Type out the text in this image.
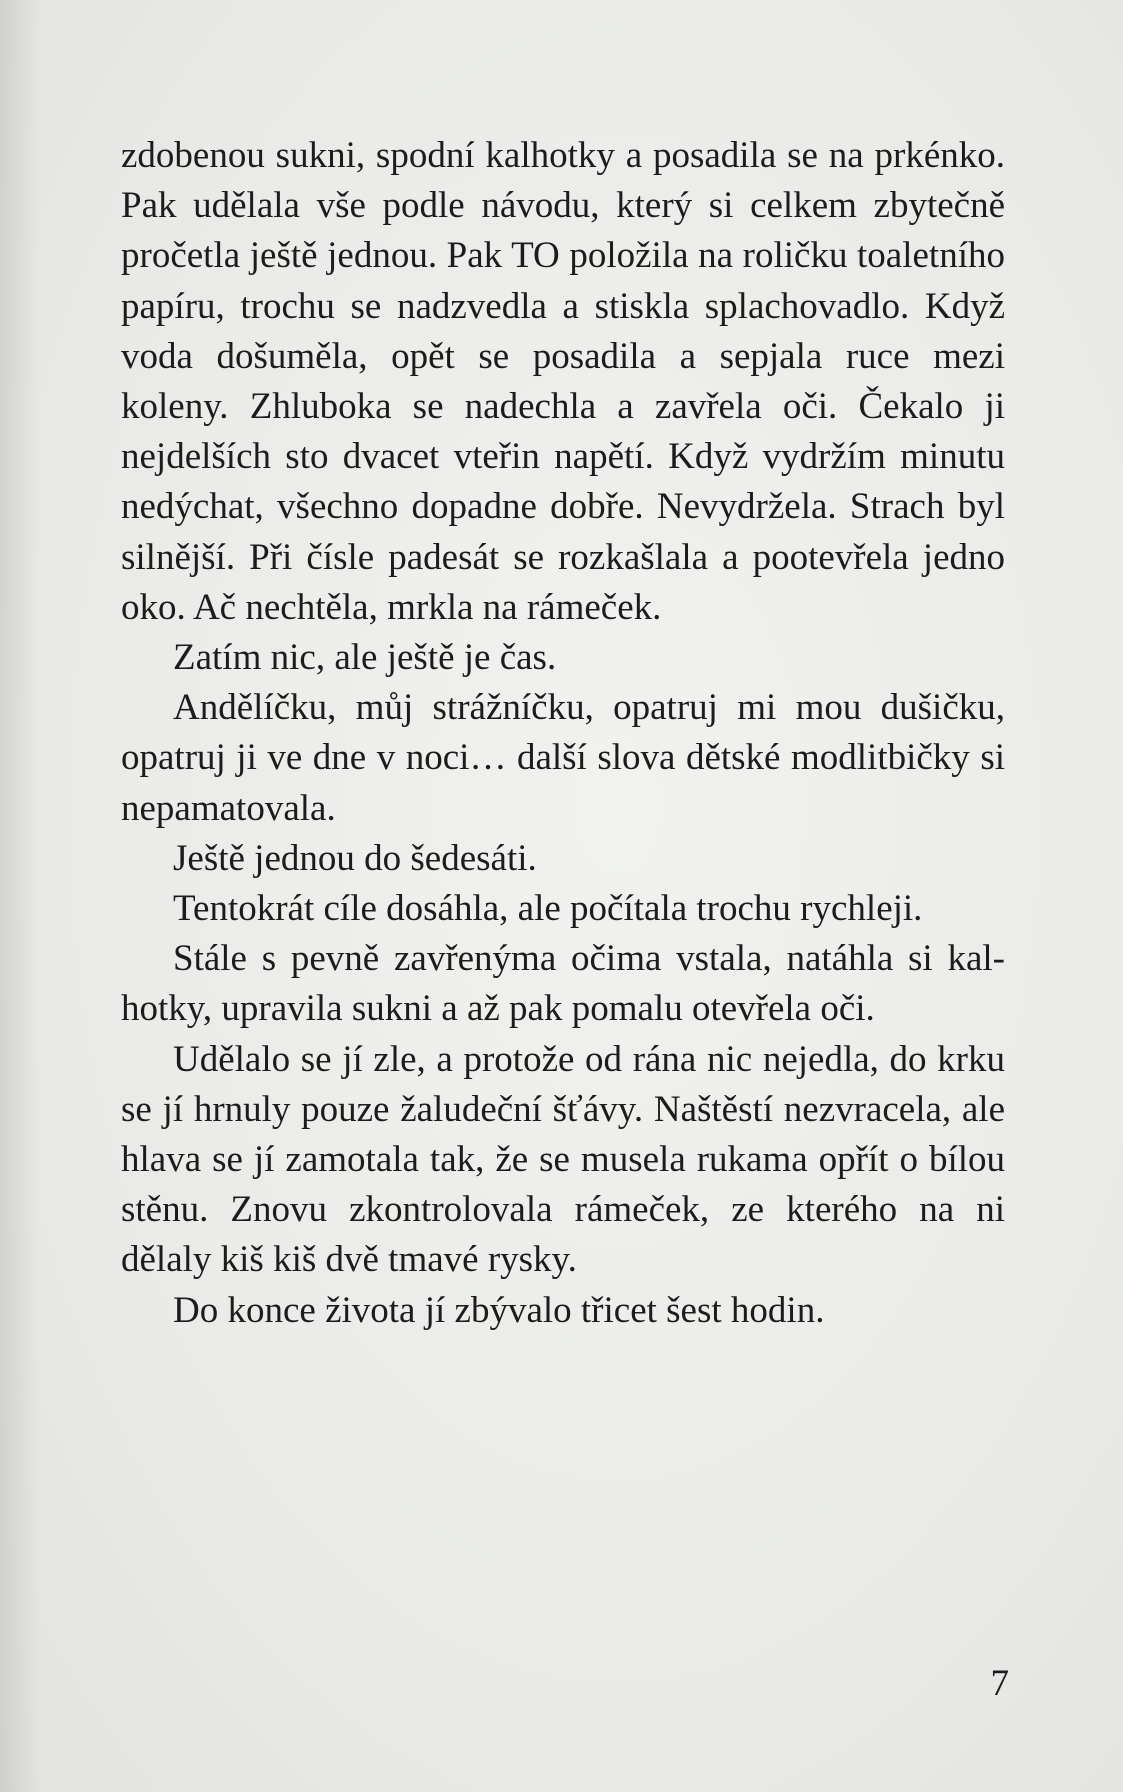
zdobenou sukni, spodní kalhotky a posadila se na prkénko. Pak udělala vše podle návodu, který si celkem zbytečně pročetla ještě jednou. Pak TO položila na roličku toaletního papíru, trochu se nadzvedla a stiskla splachovadlo. Když voda došuměla, opět se posadila a sepjala ruce mezi koleny. Zhluboka se nadechla a zavřela oči. Čekalo ji nejdelších sto dvacet vteřin napětí. Když vydržím minutu nedýchat, všechno dopadne dobře. Nevydržela. Strach byl silnější. Při čísle padesát se rozkašlala a pootevřela jedno oko. Ač nechtěla, mrkla na rámeček.

Zatím nic, ale ještě je čas.

Andělíčku, můj strážníčku, opatruj mi mou dušičku, opatruj ji ve dne v noci… další slova dětské modlitbičky si nepamatovala.

Ještě jednou do šedesáti.

Tentokrát cíle dosáhla, ale počítala trochu rychleji.

Stále s pevně zavřenýma očima vstala, natáhla si kalhotky, upravila sukni a až pak pomalu otevřela oči.

Udělalo se jí zle, a protože od rána nic nejedla, do krku se jí hrnuly pouze žaludeční šťávy. Naštěstí nezvracela, ale hlava se jí zamotala tak, že se musela rukama opřít o bílou stěnu. Znovu zkontrolovala rámeček, ze kterého na ni dělaly kiš kiš dvě tmavé rysky.

Do konce života jí zbývalo třicet šest hodin.

7
